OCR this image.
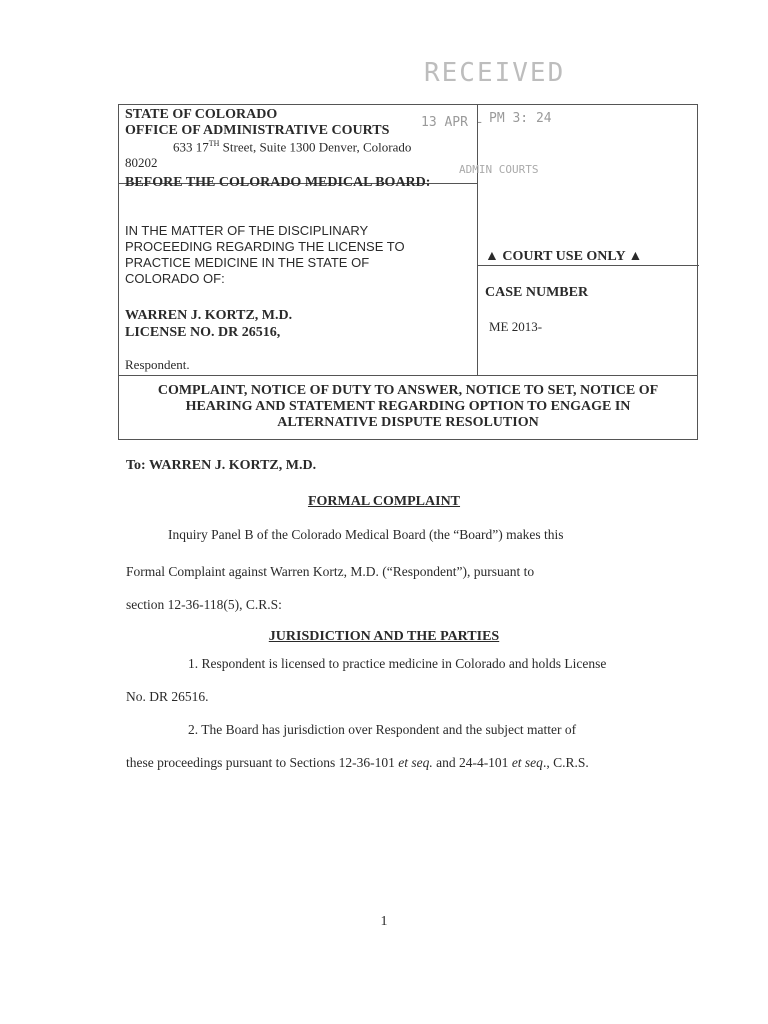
RECEIVED
STATE OF COLORADO
OFFICE OF ADMINISTRATIVE COURTS
633 17TH Street, Suite 1300 Denver, Colorado
80202
BEFORE THE COLORADO MEDICAL BOARD:
13 APR - PM 3: 24
ADMIN COURTS
IN THE MATTER OF THE DISCIPLINARY
PROCEEDING REGARDING THE LICENSE TO
PRACTICE MEDICINE IN THE STATE OF
COLORADO OF:
WARREN J. KORTZ, M.D.
LICENSE NO. DR 26516,
Respondent.
▲ COURT USE ONLY ▲
CASE NUMBER
ME 2013-
COMPLAINT, NOTICE OF DUTY TO ANSWER, NOTICE TO SET, NOTICE OF
HEARING AND STATEMENT REGARDING OPTION TO ENGAGE IN
ALTERNATIVE DISPUTE RESOLUTION
To: WARREN J. KORTZ, M.D.
FORMAL COMPLAINT
Inquiry Panel B of the Colorado Medical Board (the “Board”) makes this
Formal Complaint against Warren Kortz, M.D. (“Respondent”), pursuant to
section 12-36-118(5), C.R.S:
JURISDICTION AND THE PARTIES
1. Respondent is licensed to practice medicine in Colorado and holds License
No. DR 26516.
2. The Board has jurisdiction over Respondent and the subject matter of
these proceedings pursuant to Sections 12-36-101 et seq. and 24-4-101 et seq., C.R.S.
1
